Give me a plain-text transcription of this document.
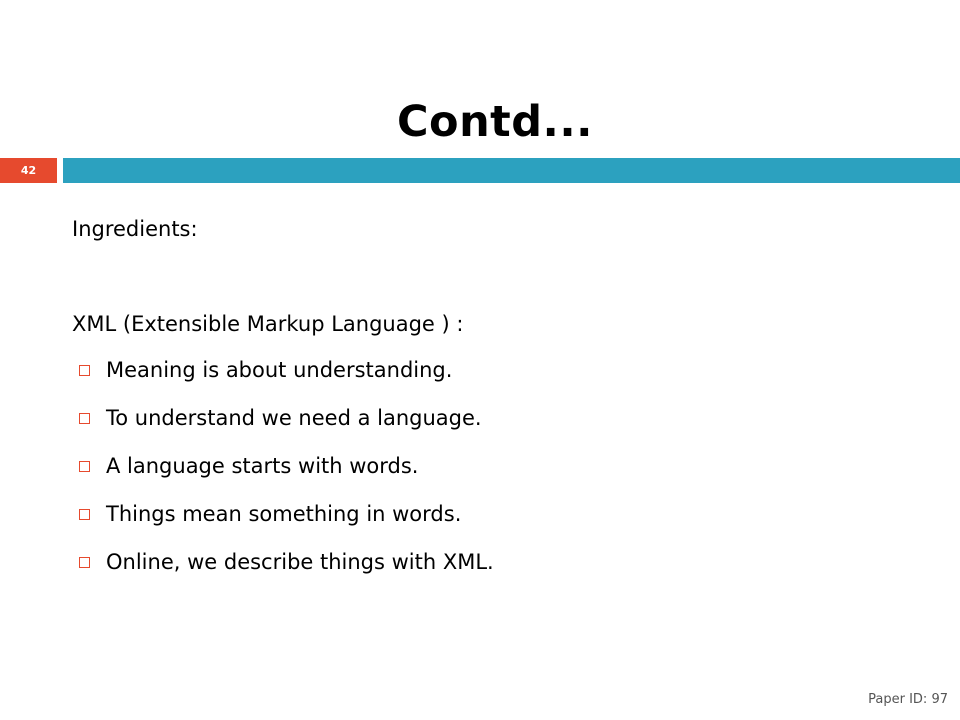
Contd...
42
Ingredients:
XML (Extensible Markup Language ) :
Meaning is about understanding.
To understand we need a language.
A language starts with words.
Things mean something in words.
Online, we describe things with XML.
Paper ID: 97
